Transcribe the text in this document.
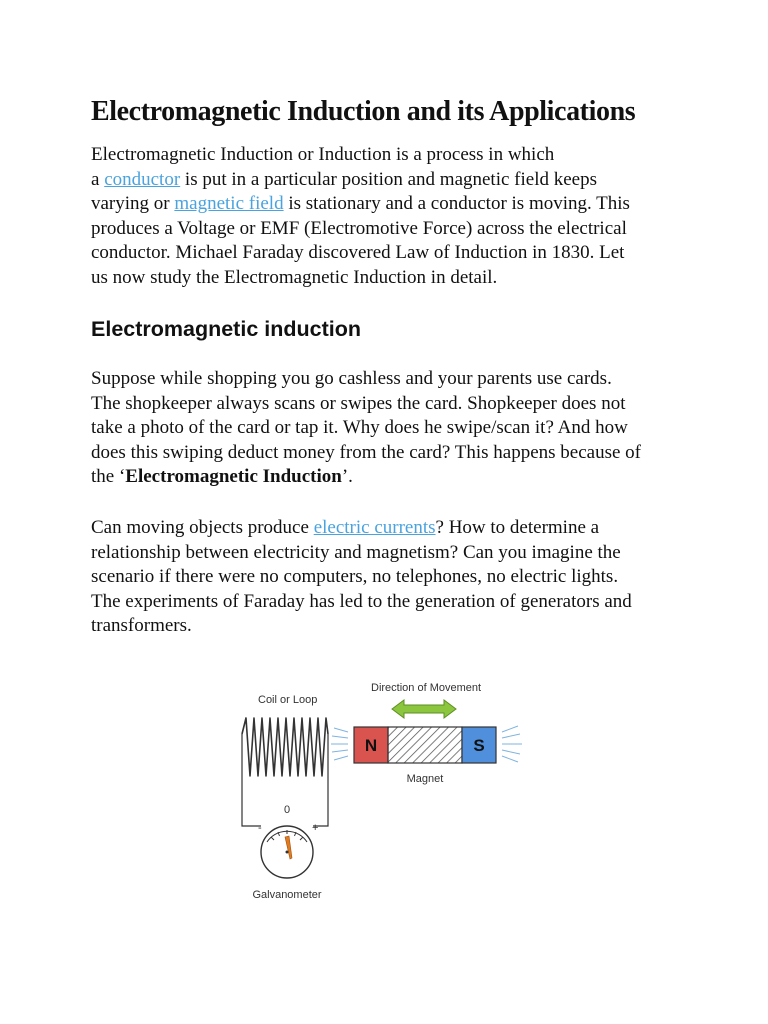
Electromagnetic Induction and its Applications

Electromagnetic Induction or Induction is a process in which
a conductor is put in a particular position and magnetic field keeps
varying or magnetic field is stationary and a conductor is moving. This
produces a Voltage or EMF (Electromotive Force) across the electrical
conductor. Michael Faraday discovered Law of Induction in 1830. Let
us now study the Electromagnetic Induction in detail.

Electromagnetic induction

Suppose while shopping you go cashless and your parents use cards.
The shopkeeper always scans or swipes the card. Shopkeeper does not
take a photo of the card or tap it. Why does he swipe/scan it? And how
does this swiping deduct money from the card? This happens because of
the ‘Electromagnetic Induction’.

Can moving objects produce electric currents? How to determine a
relationship between electricity and magnetism? Can you imagine the
scenario if there were no computers, no telephones, no electric lights.
The experiments of Faraday has led to the generation of generators and
transformers.

Coil or Loop
Direction of Movement
N	S
Magnet
0
-	+
Galvanometer
